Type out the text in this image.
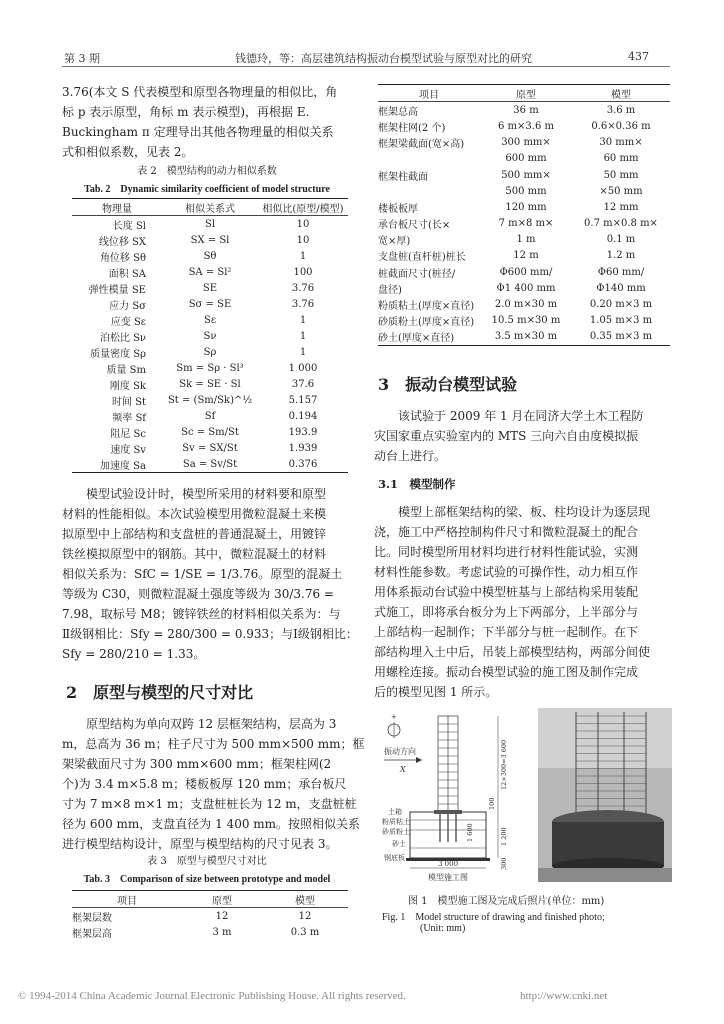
第 3 期	钱德玲，等：高层建筑结构振动台模型试验与原型对比的研究	437
3.76(本文 S 代表模型和原型各物理量的相似比，角
标 p 表示原型，角标 m 表示模型)，再根据 E.
Buckingham π 定理导出其他各物理量的相似关系
式和相似系数，见表 2。
表 2　模型结构的动力相似系数
Tab. 2　Dynamic similarity coefficient of model structure
物理量	相似关系式	相似比(原型/模型)
长度 Sl	Sl	10
线位移 SX	SX = Sl	10
角位移 Sθ	Sθ	1
面积 SA	SA = Sl²	100
弹性模量 SE	SE	3.76
应力 Sσ	Sσ = SE	3.76
应变 Sε	Sε	1
泊松比 Sν	Sν	1
质量密度 Sρ	Sρ	1
质量 Sm	Sm = Sρ · Sl³	1 000
刚度 Sk	Sk = SE · Sl	37.6
时间 St	St = (Sm/Sk)^½	5.157
频率 Sf	Sf	0.194
阻尼 Sc	Sc = Sm/St	193.9
速度 Sv	Sv = SX/St	1.939
加速度 Sa	Sa = Sv/St	0.376
模型试验设计时，模型所采用的材料要和原型
材料的性能相似。本次试验模型用微粒混凝土来模
拟原型中上部结构和支盘桩的普通混凝土，用镀锌
铁丝模拟原型中的钢筋。其中，微粒混凝土的材料
相似关系为：SfC = 1/SE = 1/3.76。原型的混凝土
等级为 C30，则微粒混凝土强度等级为 30/3.76 =
7.98，取标号 M8；镀锌铁丝的材料相似关系为：与
Ⅱ级钢相比：Sfy = 280/300 = 0.933；与Ⅰ级钢相比：
Sfy = 280/210 = 1.33。
2　原型与模型的尺寸对比
原型结构为单向双跨 12 层框架结构，层高为 3
m，总高为 36 m；柱子尺寸为 500 mm×500 mm；框
架梁截面尺寸为 300 mm×600 mm；框架柱网(2
个)为 3.4 m×5.8 m；楼板板厚 120 mm；承台板尺
寸为 7 m×8 m×1 m；支盘桩桩长为 12 m，支盘桩桩
径为 600 mm，支盘直径为 1 400 mm。按照相似关系
进行模型结构设计，原型与模型结构的尺寸见表 3。
表 3　原型与模型尺寸对比
Tab. 3　Comparison of size between prototype and model
项目	原型	模型
框架层数	12	12
框架层高	3 m	0.3 m
项目	原型	模型
框架总高	36 m	3.6 m
框架柱网(2 个)	6 m×3.6 m	0.6×0.36 m
框架梁截面(宽×高)	300 mm×	30 mm×
	600 mm	60 mm
框架柱截面	500 mm×	50 mm
	500 mm	×50 mm
楼板板厚	120 mm	12 mm
承台板尺寸(长×	7 m×8 m×	0.7 m×0.8 m×
宽×厚)	1 m	0.1 m
支盘桩(直杆桩)桩长	12 m	1.2 m
桩截面尺寸(桩径/	Φ600 mm/	Φ60 mm/
盘径)	Φ1 400 mm	Φ140 mm
粉质粘土(厚度×直径)	2.0 m×30 m	0.20 m×3 m
砂质粉土(厚度×直径)	10.5 m×30 m	1.05 m×3 m
砂土(厚度×直径)	3.5 m×30 m	0.35 m×3 m
3　振动台模型试验
该试验于 2009 年 1 月在同济大学土木工程防
灾国家重点实验室内的 MTS 三向六自由度模拟振
动台上进行。
3.1　模型制作
模型上部框架结构的梁、板、柱均设计为逐层现
浇，施工中严格控制构件尺寸和微粒混凝土的配合
比。同时模型所用材料均进行材料性能试验，实测
材料性能参数。考虑试验的可操作性，动力相互作
用体系振动台试验中模型桩基与上部结构采用装配
式施工，即将承台板分为上下两部分，上半部分与
上部结构一起制作；下半部分与桩一起制作。在下
部结构埋入土中后，吊装上部模型结构，两部分间使
用螺栓连接。振动台模型试验的施工图及制作完成
后的模型见图 1 所示。
+
振动方向
X
土箱
粉质粘土
砂质粉土
砂土
钢底板
12×300=3 600
100
1 600	1 200
300
3 000
模型施工图
图 1　模型施工图及完成后照片(单位：mm)
Fig. 1　Model structure of drawing and finished photo;
(Unit: mm)
© 1994-2014 China Academic Journal Electronic Publishing House. All rights reserved.	http://www.cnki.net
